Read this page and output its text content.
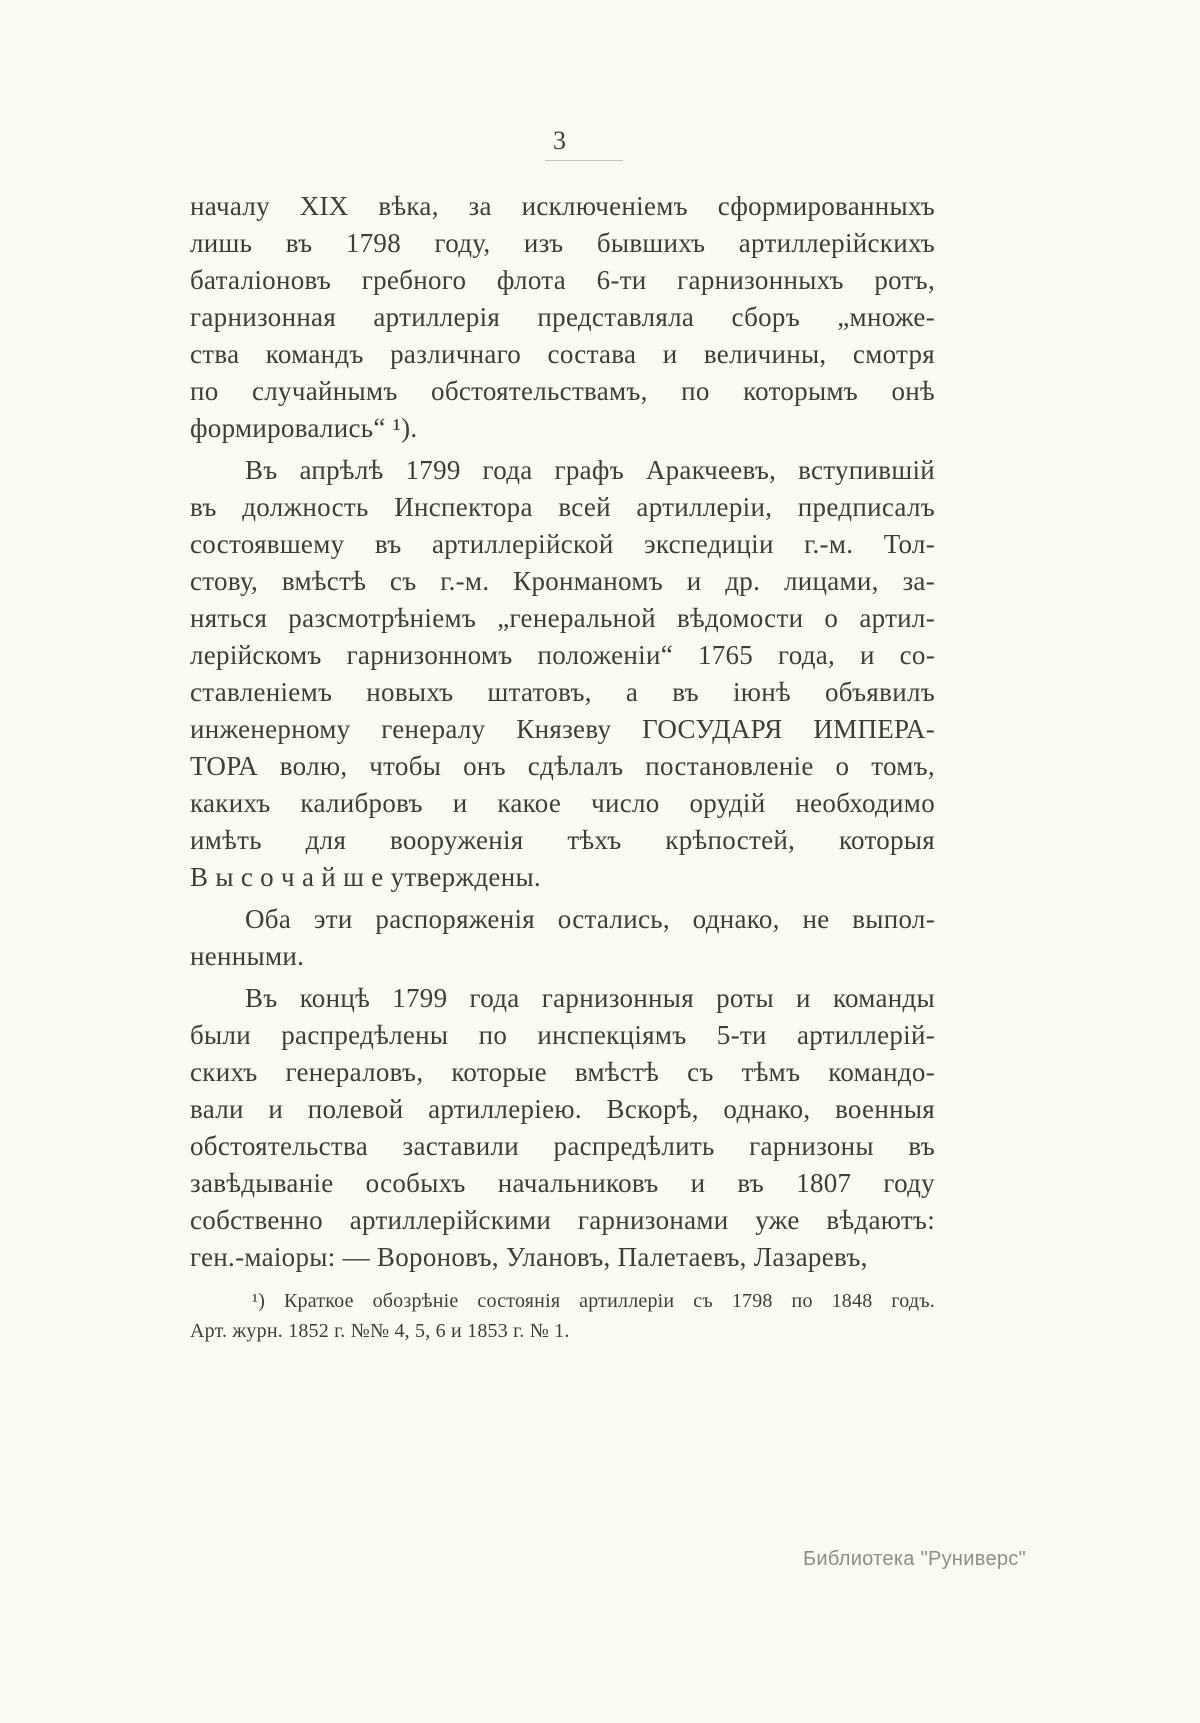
3
началу XIX вѣка, за исключеніемъ сформированныхъ
лишь въ 1798 году, изъ бывшихъ артиллерійскихъ
баталіоновъ гребного флота 6-ти гарнизонныхъ ротъ,
гарнизонная артиллерія представляла сборъ „множе-
ства командъ различнаго состава и величины, смотря
по случайнымъ обстоятельствамъ, по которымъ онѣ
формировались“ ¹).
Въ апрѣлѣ 1799 года графъ Аракчеевъ, вступившій
въ должность Инспектора всей артиллеріи, предписалъ
состоявшему въ артиллерійской экспедиціи г.-м. Тол-
стову, вмѣстѣ съ г.-м. Кронманомъ и др. лицами, за-
няться разсмотрѣніемъ „генеральной вѣдомости о артил-
лерійскомъ гарнизонномъ положеніи“ 1765 года, и со-
ставленіемъ новыхъ штатовъ, а въ іюнѣ объявилъ
инженерному генералу Князеву ГОСУДАРЯ ИМПЕРА-
ТОРА волю, чтобы онъ сдѣлалъ постановленіе о томъ,
какихъ калибровъ и какое число орудій необходимо
имѣть для вооруженія тѣхъ крѣпостей, которыя
В ы с о ч а й ш е утверждены.
Оба эти распоряженія остались, однако, не выпол-
ненными.
Въ концѣ 1799 года гарнизонныя роты и команды
были распредѣлены по инспекціямъ 5-ти артиллерій-
скихъ генераловъ, которые вмѣстѣ съ тѣмъ командо-
вали и полевой артиллеріею. Вскорѣ, однако, военныя
обстоятельства заставили распредѣлить гарнизоны въ
завѣдываніе особыхъ начальниковъ и въ 1807 году
собственно артиллерійскими гарнизонами уже вѣдаютъ:
ген.-маіоры: — Вороновъ, Улановъ, Палетаевъ, Лазаревъ,
¹) Краткое обозрѣніе состоянія артиллеріи съ 1798 по 1848 годъ.
Арт. журн. 1852 г. №№ 4, 5, 6 и 1853 г. № 1.
Библиотека "Руниверс"
